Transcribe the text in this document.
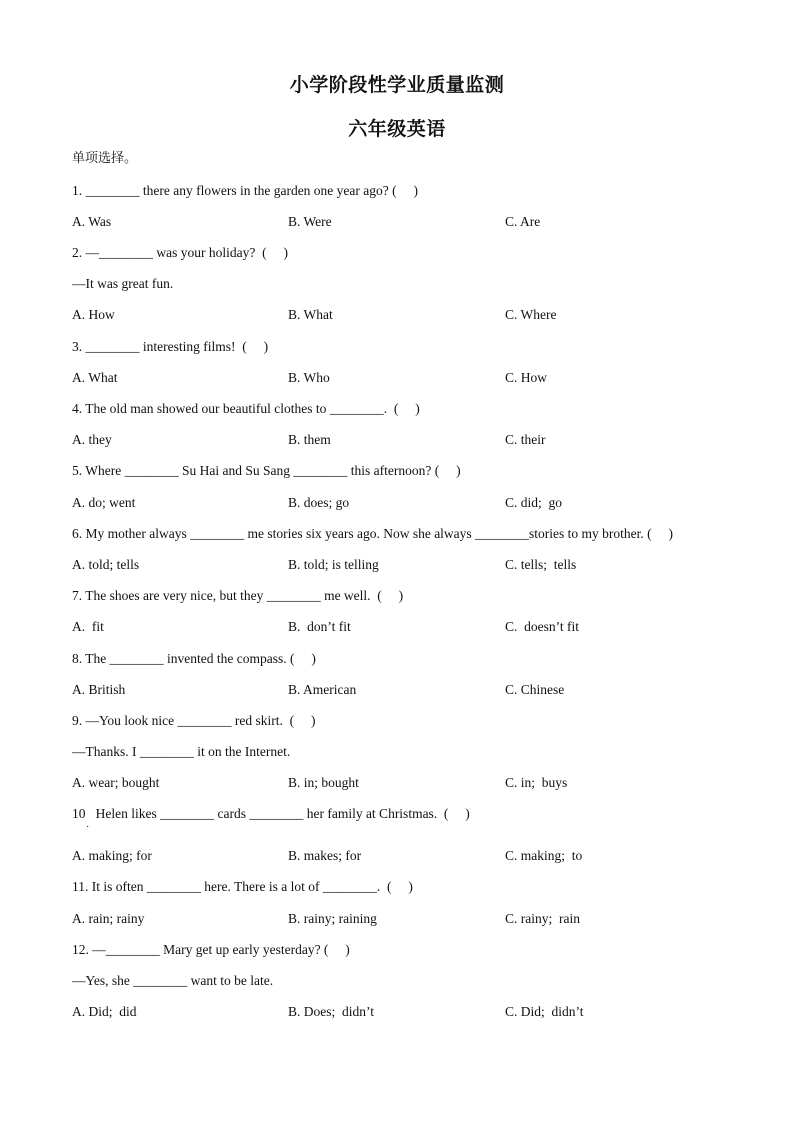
小学阶段性学业质量监测
六年级英语
单项选择。
1. ________ there any flowers in the garden one year ago? (     )
A. Was	B. Were	C. Are
2. —________ was your holiday?  (     )
—It was great fun.
A. How	B. What	C. Where
3. ________ interesting films!  (     )
A. What	B. Who	C. How
4. The old man showed our beautiful clothes to ________.  (     )
A. they	B. them	C. their
5. Where ________ Su Hai and Su Sang ________ this afternoon? (     )
A. do; went	B. does; go	C. did;  go
6. My mother always ________ me stories six years ago. Now she always ________stories to my brother. (     )
A. told; tells	B. told; is telling	C. tells;  tells
7. The shoes are very nice, but they ________ me well.  (     )
A.  fit	B.  don’t fit	C.  doesn’t fit
8. The ________ invented the compass. (     )
A. British	B. American	C. Chinese
9. —You look nice ________ red skirt.  (     )
—Thanks. I ________ it on the Internet.
A. wear; bought	B. in; bought	C. in;  buys
10   Helen likes ________ cards ________ her family at Christmas.  (     )
·
A. making; for	B. makes; for	C. making;  to
11. It is often ________ here. There is a lot of ________.  (     )
A. rain; rainy	B. rainy; raining	C. rainy;  rain
12. —________ Mary get up early yesterday? (     )
—Yes, she ________ want to be late.
A. Did;  did	B. Does;  didn’t	C. Did;  didn’t
